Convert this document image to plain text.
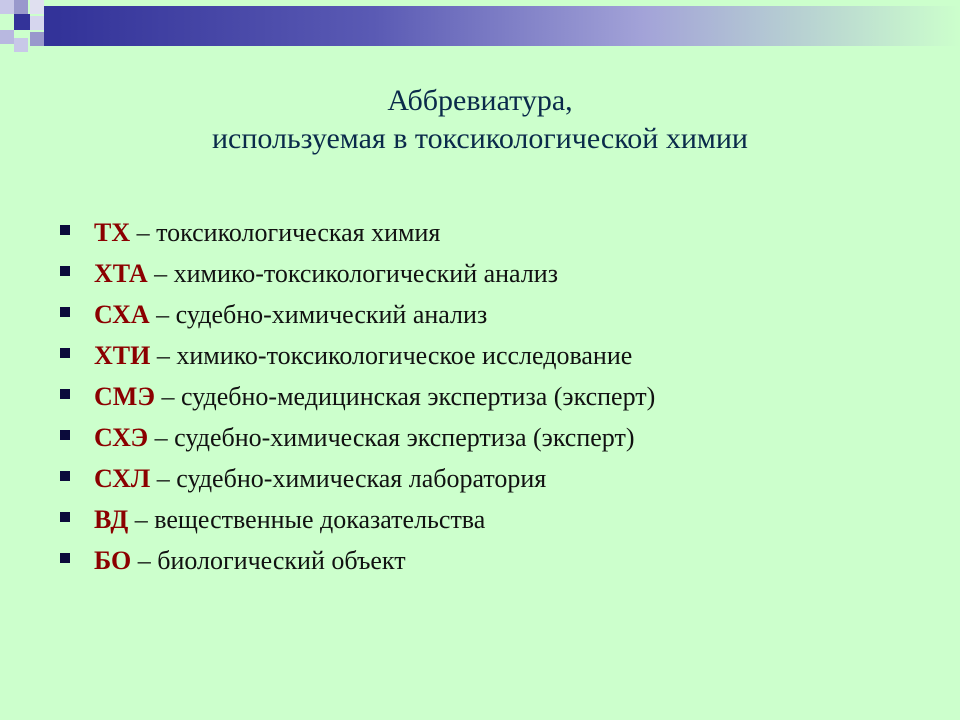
Аббревиатура,
используемая в токсикологической химии
ТХ – токсикологическая химия
ХТА – химико-токсикологический анализ
СХА – судебно-химический анализ
ХТИ – химико-токсикологическое исследование
СМЭ – судебно-медицинская экспертиза (эксперт)
СХЭ – судебно-химическая экспертиза (эксперт)
СХЛ – судебно-химическая лаборатория
ВД – вещественные доказательства
БО – биологический объект
